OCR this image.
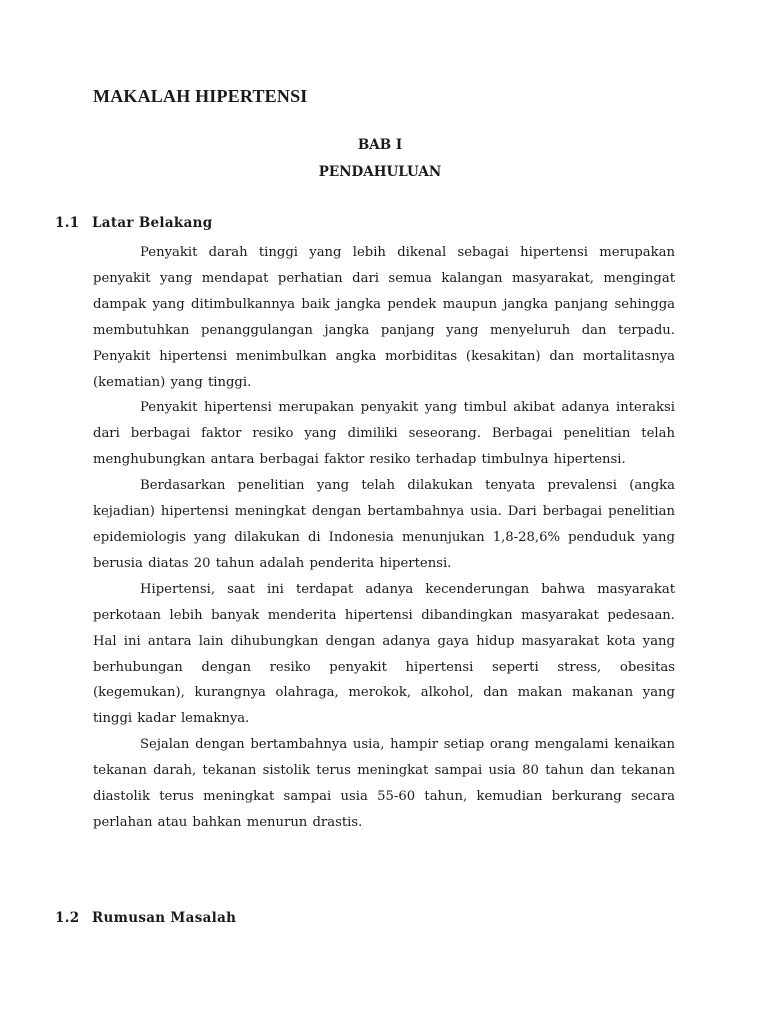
MAKALAH HIPERTENSI
BAB I
PENDAHULUAN
1.1 Latar Belakang

Penyakit darah tinggi yang lebih dikenal sebagai hipertensi merupakan penyakit yang mendapat perhatian dari semua kalangan masyarakat, mengingat dampak yang ditimbulkannya baik jangka pendek maupun jangka panjang sehingga membutuhkan penanggulangan jangka panjang yang menyeluruh dan terpadu. Penyakit hipertensi menimbulkan angka morbiditas (kesakitan) dan mortalitasnya (kematian) yang tinggi.

Penyakit hipertensi merupakan penyakit yang timbul akibat adanya interaksi dari berbagai faktor resiko yang dimiliki seseorang. Berbagai penelitian telah menghubungkan antara berbagai faktor resiko terhadap timbulnya hipertensi.

Berdasarkan penelitian yang telah dilakukan tenyata prevalensi (angka kejadian) hipertensi meningkat dengan bertambahnya usia. Dari berbagai penelitian epidemiologis yang dilakukan di Indonesia menunjukan 1,8-28,6% penduduk yang berusia diatas 20 tahun adalah penderita hipertensi.

Hipertensi, saat ini terdapat adanya kecenderungan bahwa masyarakat perkotaan lebih banyak menderita hipertensi dibandingkan masyarakat pedesaan. Hal ini antara lain dihubungkan dengan adanya gaya hidup masyarakat kota yang berhubungan dengan resiko penyakit hipertensi seperti stress, obesitas (kegemukan), kurangnya olahraga, merokok, alkohol, dan makan makanan yang tinggi kadar lemaknya.

Sejalan dengan bertambahnya usia, hampir setiap orang mengalami kenaikan tekanan darah, tekanan sistolik terus meningkat sampai usia 80 tahun dan tekanan diastolik terus meningkat sampai usia 55-60 tahun, kemudian berkurang secara perlahan atau bahkan menurun drastis.

1.2 Rumusan Masalah
